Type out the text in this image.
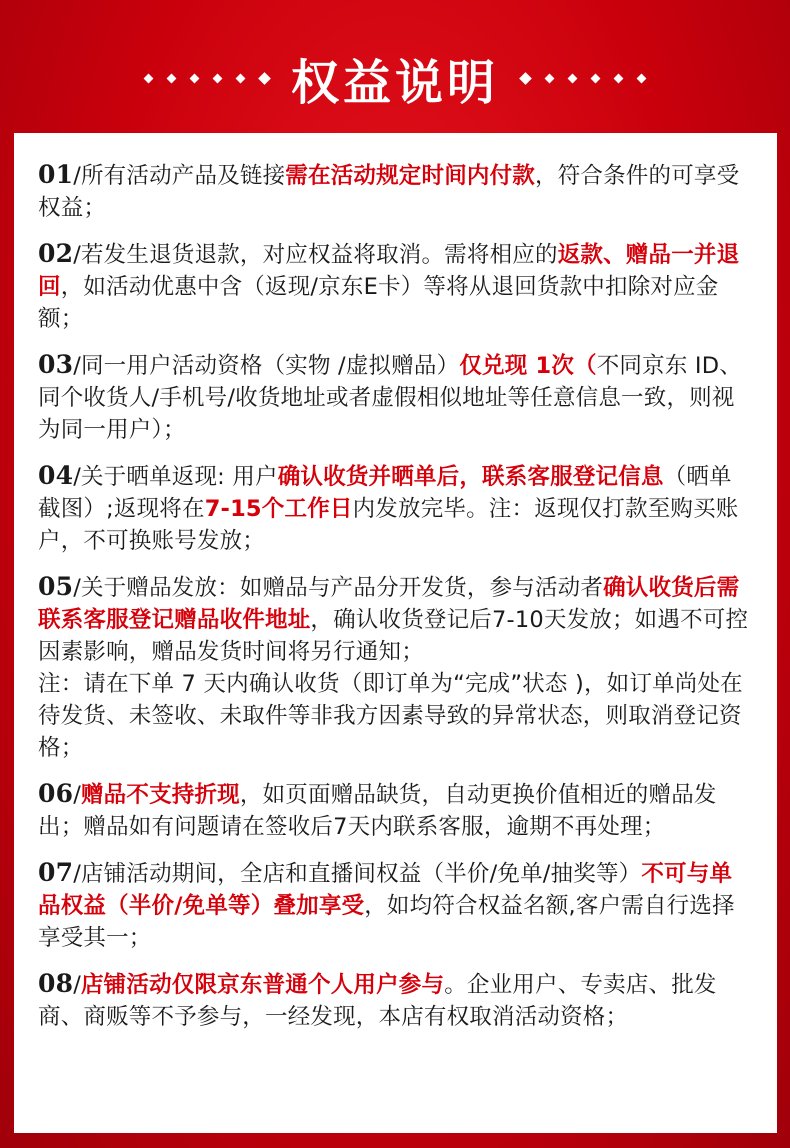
权益说明
01/所有活动产品及链接需在活动规定时间内付款，符合条件的可享受权益；
02/若发生退货退款，对应权益将取消。需将相应的返款、赠品一并退回，如活动优惠中含（返现/京东E卡）等将从退回货款中扣除对应金额；
03/同一用户活动资格（实物 /虚拟赠品）仅兑现 1次（不同京东 ID、同个收货人/手机号/收货地址或者虚假相似地址等任意信息一致，则视为同一用户）；
04/关于晒单返现: 用户确认收货并晒单后，联系客服登记信息（晒单截图）;返现将在7-15个工作日内发放完毕。注：返现仅打款至购买账户，不可换账号发放；
05/关于赠品发放：如赠品与产品分开发货，参与活动者确认收货后需联系客服登记赠品收件地址，确认收货登记后7-10天发放；如遇不可控因素影响，赠品发货时间将另行通知；
注：请在下单 7 天内确认收货（即订单为“完成”状态 )，如订单尚处在待发货、未签收、未取件等非我方因素导致的异常状态，则取消登记资格；
06/赠品不支持折现，如页面赠品缺货，自动更换价值相近的赠品发出；赠品如有问题请在签收后7天内联系客服，逾期不再处理；
07/店铺活动期间，全店和直播间权益（半价/免单/抽奖等）不可与单品权益（半价/免单等）叠加享受，如均符合权益名额,客户需自行选择享受其一；
08/店铺活动仅限京东普通个人用户参与。企业用户、专卖店、批发商、商贩等不予参与，一经发现，本店有权取消活动资格；
